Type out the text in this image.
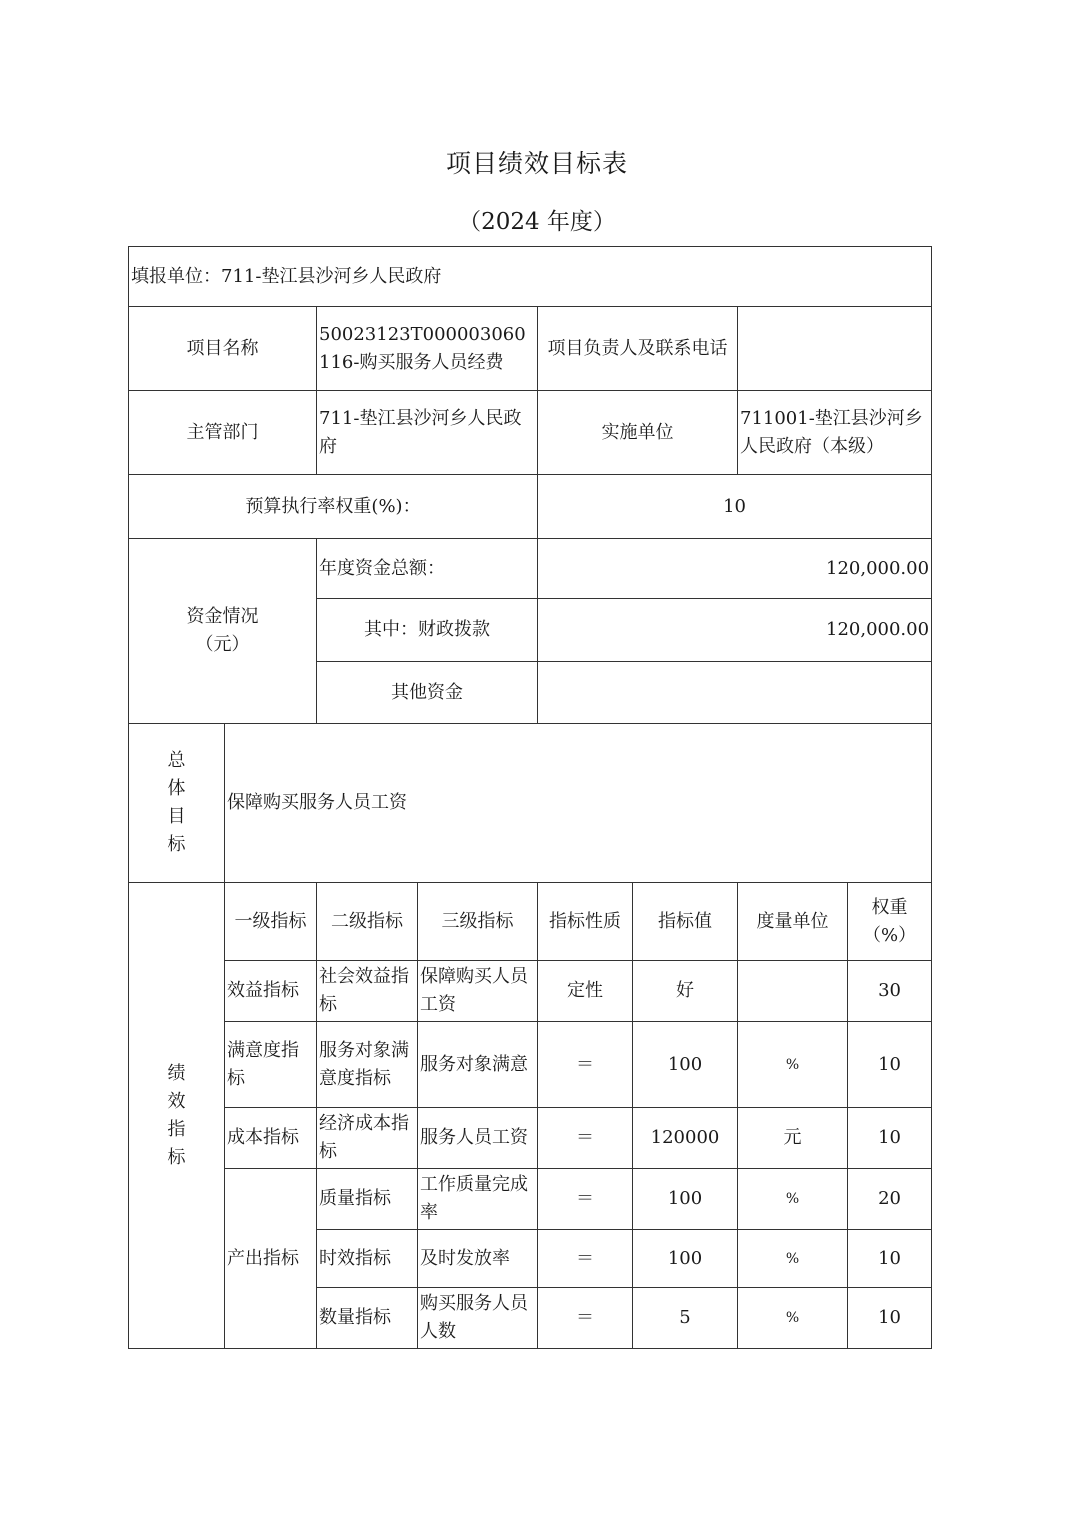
项目绩效目标表
（2024 年度）
填报单位：711-垫江县沙河乡人民政府							
项目名称		50023123T000003060116-购买服务人员经费		项目负责人及联系电话			
主管部门		711-垫江县沙河乡人民政府		实施单位		711001-垫江县沙河乡人民政府（本级）	
预算执行率权重(%)：				10			

资金情况
（元）		年度资金总额：		120,000.00			
		其中：财政拨款		120,000.00			
		其他资金					

总
体
目
标	保障购买服务人员工资						

绩
效
指
标	一级指标	二级指标	三级指标	指标性质	指标值	度量单位	权重（%）
	效益指标	社会效益指标	保障购买人员工资	定性	好		30
	满意度指标	服务对象满意度指标	服务对象满意	＝	100	%	10
	成本指标	经济成本指标	服务人员工资	＝	120000	元	10
	产出指标	质量指标	工作质量完成率	＝	100	%	20
		时效指标	及时发放率	＝	100	%	10
		数量指标	购买服务人员人数	＝	5	%	10
